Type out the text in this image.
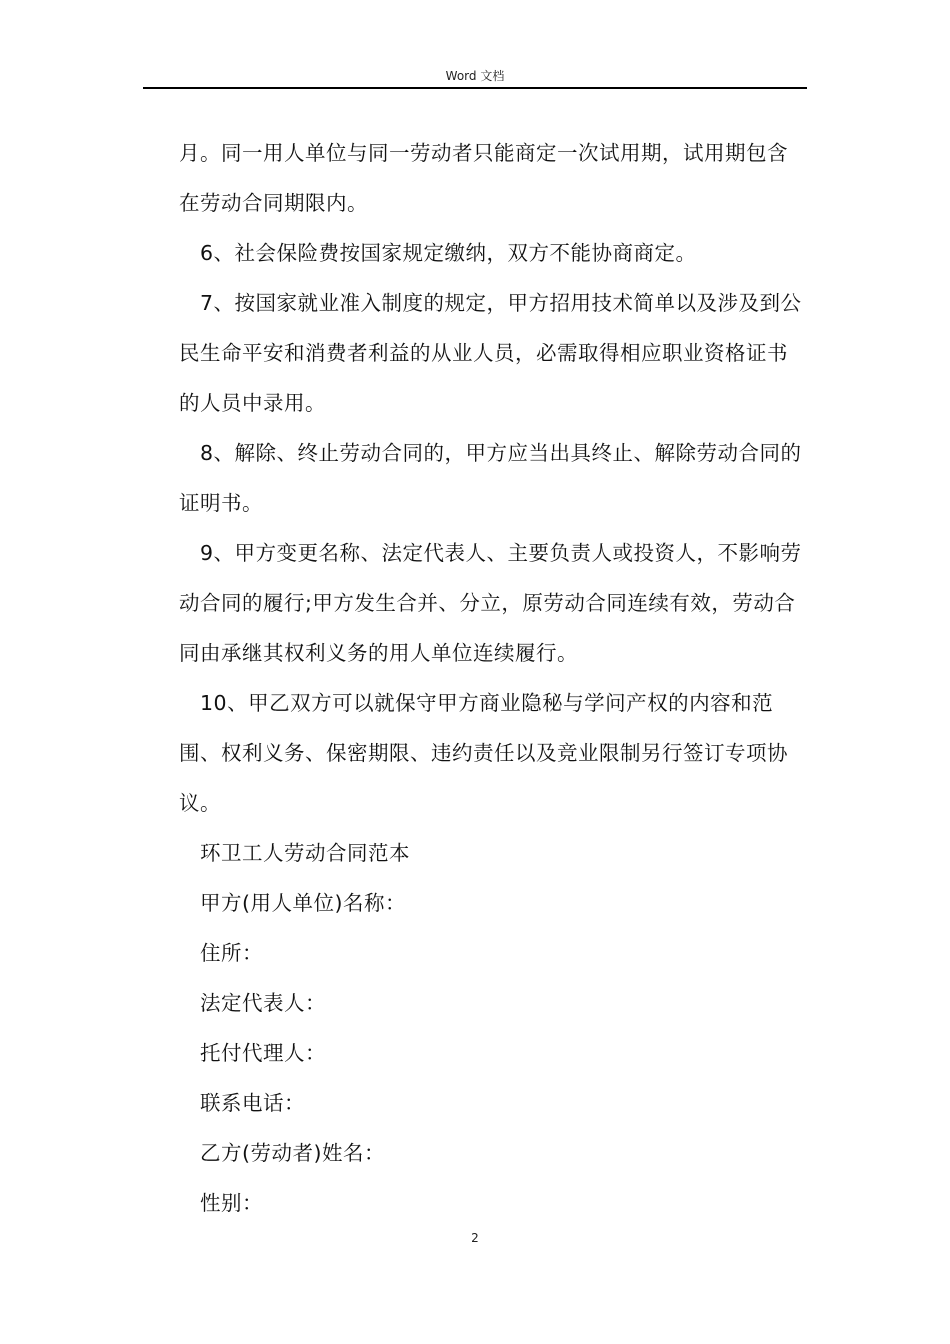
Word 文档

月。同一用人单位与同一劳动者只能商定一次试用期，试用期包含在劳动合同期限内。

6、社会保险费按国家规定缴纳，双方不能协商商定。

7、按国家就业准入制度的规定，甲方招用技术简单以及涉及到公民生命平安和消费者利益的从业人员，必需取得相应职业资格证书的人员中录用。

8、解除、终止劳动合同的，甲方应当出具终止、解除劳动合同的证明书。

9、甲方变更名称、法定代表人、主要负责人或投资人，不影响劳动合同的履行;甲方发生合并、分立，原劳动合同连续有效，劳动合同由承继其权利义务的用人单位连续履行。

10、甲乙双方可以就保守甲方商业隐秘与学问产权的内容和范围、权利义务、保密期限、违约责任以及竞业限制另行签订专项协议。

环卫工人劳动合同范本

甲方(用人单位)名称：

住所：

法定代表人：

托付代理人：

联系电话：

乙方(劳动者)姓名：

性别：

2
